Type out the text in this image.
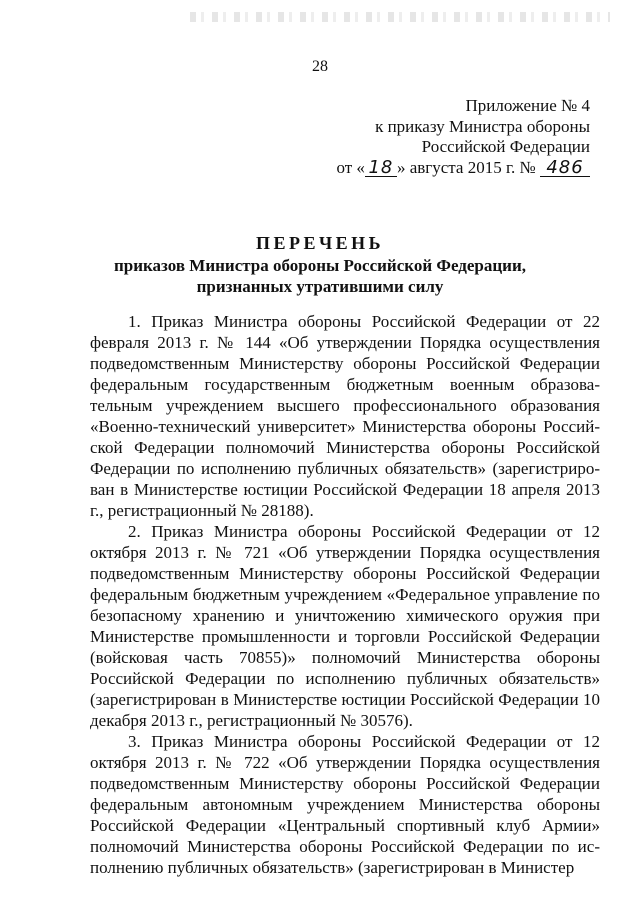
28
Приложение № 4
к приказу Министра обороны
Российской Федерации
от « 18 » августа 2015 г. № 486
ПЕРЕЧЕНЬ
приказов Министра обороны Российской Федерации,
признанных утратившими силу

1. Приказ Министра обороны Российской Федерации от 22 февраля 2013 г. № 144 «Об утверждении Порядка осуществления подведомственным Министерству обороны Российской Федерации федеральным государственным бюджетным военным образовательным учреждением высшего профессионального образования «Военно-технический университет» Министерства обороны Российской Федерации полномочий Министерства обороны Российской Федерации по исполнению публичных обязательств» (зарегистрирован в Министерстве юстиции Российской Федерации 18 апреля 2013 г., регистрационный № 28188).

2. Приказ Министра обороны Российской Федерации от 12 октября 2013 г. № 721 «Об утверждении Порядка осуществления подведомственным Министерству обороны Российской Федерации федеральным бюджетным учреждением «Федеральное управление по безопасному хранению и уничтожению химического оружия при Министерстве промышленности и торговли Российской Федерации (войсковая часть 70855)» полномочий Министерства обороны Российской Федерации по исполнению публичных обязательств» (зарегистрирован в Министерстве юстиции Российской Федерации 10 декабря 2013 г., регистрационный № 30576).

3. Приказ Министра обороны Российской Федерации от 12 октября 2013 г. № 722 «Об утверждении Порядка осуществления подведомственным Министерству обороны Российской Федерации федеральным автономным учреждением Министерства обороны Российской Федерации «Центральный спортивный клуб Армии» полномочий Министерства обороны Российской Федерации по исполнению публичных обязательств» (зарегистрирован в Министер
